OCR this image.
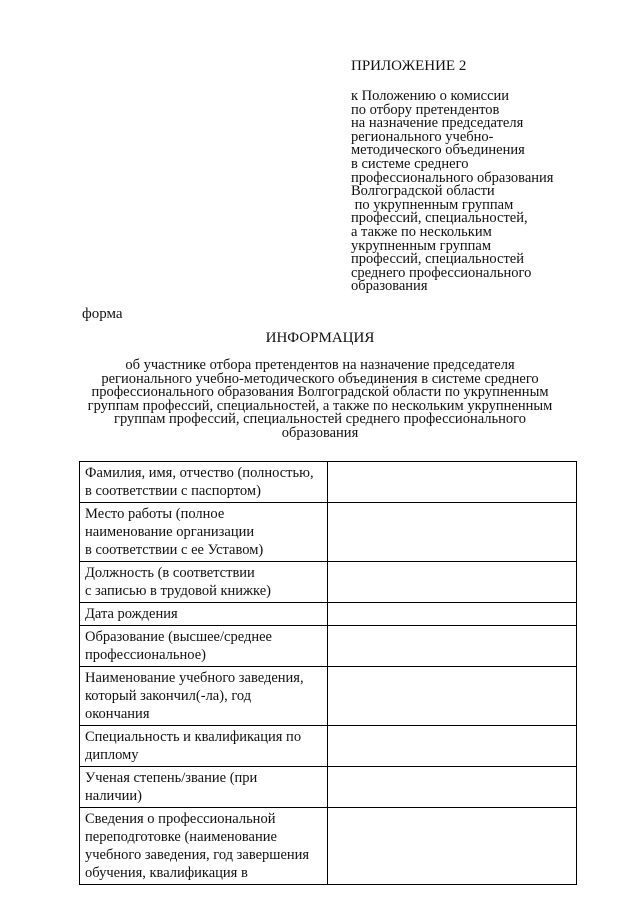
ПРИЛОЖЕНИЕ 2
к Положению о комиссии
по отбору претендентов
на назначение председателя
регионального учебно-
методического объединения
в системе среднего
профессионального образования
Волгоградской области
по укрупненным группам
профессий, специальностей,
а также по нескольким
укрупненным группам
профессий, специальностей
среднего профессионального
образования
форма
ИНФОРМАЦИЯ
об участнике отбора претендентов на назначение председателя
регионального учебно-методического объединения в системе среднего
профессионального образования Волгоградской области по укрупненным
группам профессий, специальностей, а также по нескольким укрупненным
группам профессий, специальностей среднего профессионального
образования
Фамилия, имя, отчество (полностью,
в соответствии с паспортом)	

Место работы (полное
наименование организации
в соответствии с ее Уставом)	

Должность (в соответствии
с записью в трудовой книжке)	

Дата рождения	

Образование (высшее/среднее
профессиональное)	

Наименование учебного заведения,
который закончил(-ла), год
окончания	

Специальность и квалификация по
диплому	

Ученая степень/звание (при
наличии)	

Сведения о профессиональной
переподготовке (наименование
учебного заведения, год завершения
обучения, квалификация в	
